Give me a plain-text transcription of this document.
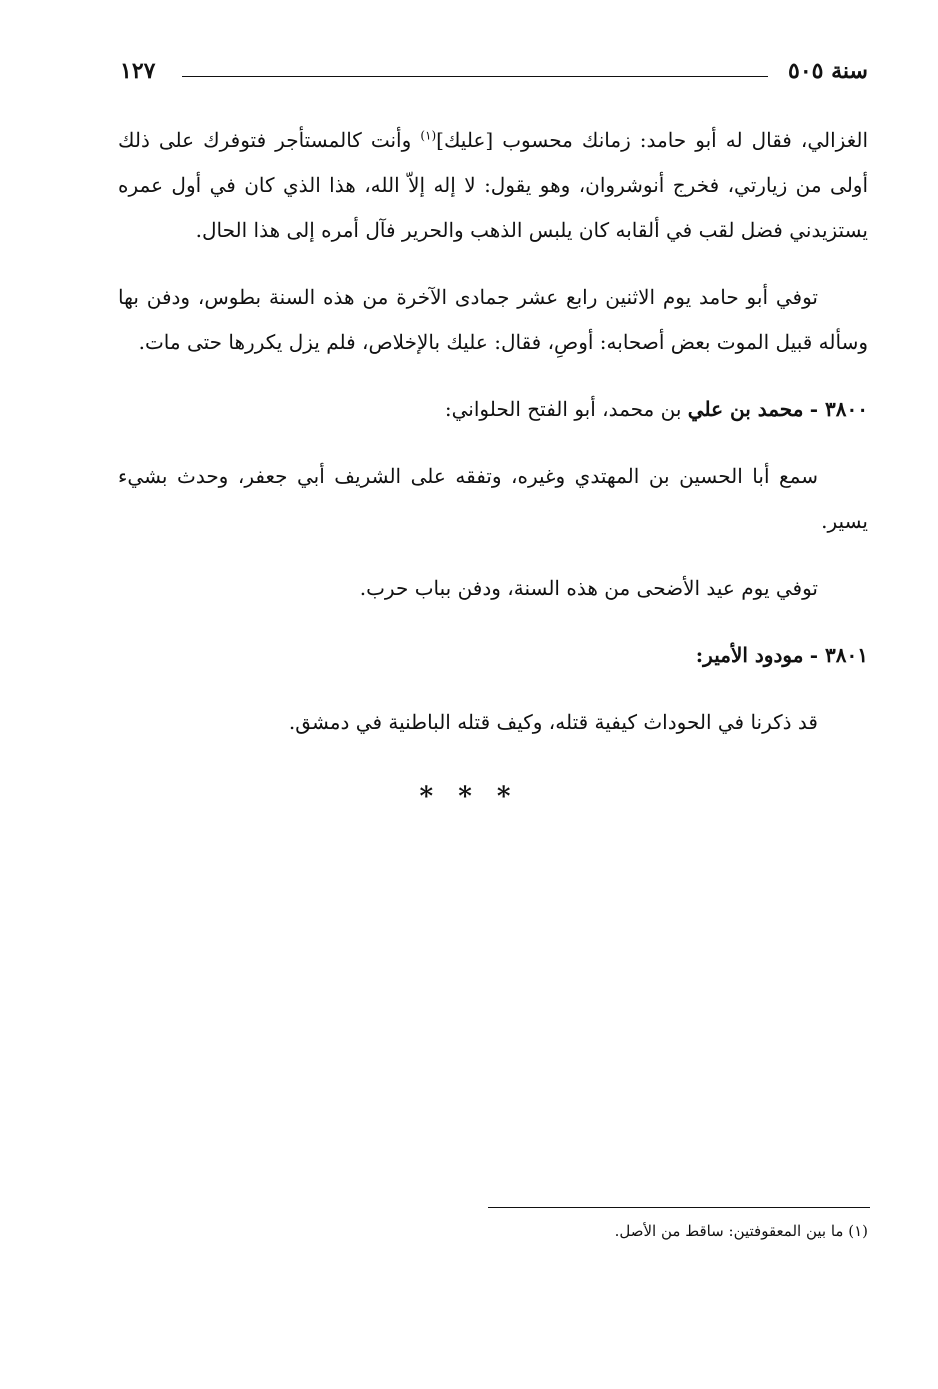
سنة ٥٠٥
١٢٧

الغزالي، فقال له أبو حامد: زمانك محسوب [عليك]$^{(١)}$ وأنت كالمستأجر فتوفرك على ذلك أولى من زيارتي، فخرج أنوشروان، وهو يقول: لا إله إلاّ الله، هذا الذي كان في أول عمره يستزيدني فضل لقب في ألقابه كان يلبس الذهب والحرير فآل أمره إلى هذا الحال.

توفي أبو حامد يوم الاثنين رابع عشر جمادى الآخرة من هذه السنة بطوس، ودفن بها وسأله قبيل الموت بعض أصحابه: أوصِ، فقال: عليك بالإخلاص، فلم يزل يكررها حتى مات.

٣٨٠٠ - محمد بن علي بن محمد، أبو الفتح الحلواني:

سمع أبا الحسين بن المهتدي وغيره، وتفقه على الشريف أبي جعفر، وحدث بشيء يسير.

توفي يوم عيد الأضحى من هذه السنة، ودفن بباب حرب.

٣٨٠١ - مودود الأمير:

قد ذكرنا في الحوداث كيفية قتله، وكيف قتله الباطنية في دمشق.

* * *
(١) ما بين المعقوفتين: ساقط من الأصل.
